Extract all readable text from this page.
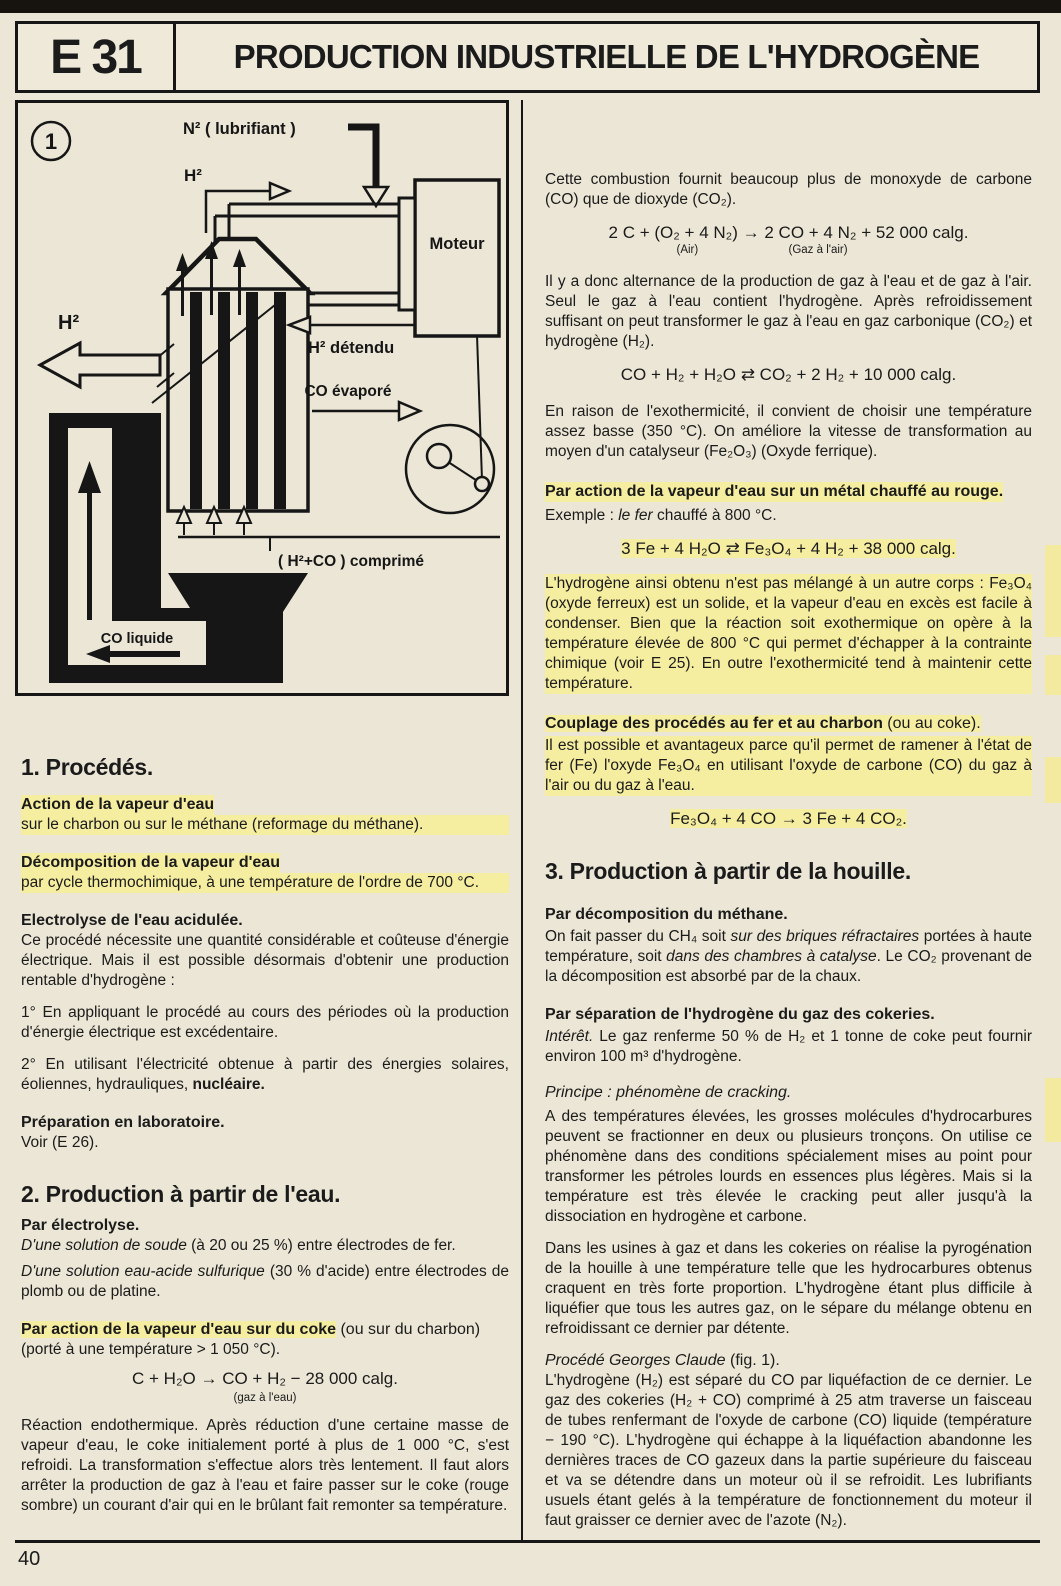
E 31	PRODUCTION INDUSTRIELLE DE L'HYDROGÈNE
1	N² ( lubrifiant )
H²
Moteur
H² détendu
H²
CO évaporé
CO liquide
( H²+CO ) comprimé
1. Procédés.
Action de la vapeur d'eau

sur le charbon ou sur le méthane (reformage du méthane).

Décomposition de la vapeur d'eau

par cycle thermochimique, à une température de l'ordre de 700 °C.

Electrolyse de l'eau acidulée.

Ce procédé nécessite une quantité considérable et coûteuse d'énergie électrique. Mais il est possible désormais d'obtenir une production rentable d'hydrogène :

1° En appliquant le procédé au cours des périodes où la production d'énergie électrique est excédentaire.

2° En utilisant l'électricité obtenue à partir des énergies solaires, éoliennes, hydrauliques, nucléaire.

Préparation en laboratoire.

Voir (E 26).

2. Production à partir de l'eau.
Par électrolyse.

D'une solution de soude (à 20 ou 25 %) entre électrodes de fer.

D'une solution eau-acide sulfurique (30 % d'acide) entre électrodes de plomb ou de platine.

Par action de la vapeur d'eau sur du coke (ou sur du charbon)

(porté à une température > 1 050 °C).

C + H₂O → CO + H₂ − 28 000 calg.
(gaz à l'eau)

Réaction endothermique. Après réduction d'une certaine masse de vapeur d'eau, le coke initialement porté à plus de 1 000 °C, s'est refroidi. La transformation s'effectue alors très lentement. Il faut alors arrêter la production de gaz à l'eau et faire passer sur le coke (rouge sombre) un courant d'air qui en le brûlant fait remonter sa température.

Cette combustion fournit beaucoup plus de monoxyde de carbone (CO) que de dioxyde (CO₂).

2 C + (O₂ + 4 N₂) → 2 CO + 4 N₂ + 52 000 calg.
(Air)	(Gaz à l'air)

Il y a donc alternance de la production de gaz à l'eau et de gaz à l'air. Seul le gaz à l'eau contient l'hydrogène. Après refroidissement suffisant on peut transformer le gaz à l'eau en gaz carbonique (CO₂) et hydrogène (H₂).

CO + H₂ + H₂O ⇄ CO₂ + 2 H₂ + 10 000 calg.

En raison de l'exothermicité, il convient de choisir une température assez basse (350 °C). On améliore la vitesse de transformation au moyen d'un catalyseur (Fe₂O₃) (Oxyde ferrique).

Par action de la vapeur d'eau sur un métal chauffé au rouge.

Exemple : le fer chauffé à 800 °C.

3 Fe + 4 H₂O ⇄ Fe₃O₄ + 4 H₂ + 38 000 calg.

L'hydrogène ainsi obtenu n'est pas mélangé à un autre corps : Fe₃O₄ (oxyde ferreux) est un solide, et la vapeur d'eau en excès est facile à condenser. Bien que la réaction soit exothermique on opère à la température élevée de 800 °C qui permet d'échapper à la contrainte chimique (voir E 25). En outre l'exothermicité tend à maintenir cette température.

Couplage des procédés au fer et au charbon (ou au coke).

Il est possible et avantageux parce qu'il permet de ramener à l'état de fer (Fe) l'oxyde Fe₃O₄ en utilisant l'oxyde de carbone (CO) du gaz à l'air ou du gaz à l'eau.

Fe₃O₄ + 4 CO → 3 Fe + 4 CO₂.
3. Production à partir de la houille.
Par décomposition du méthane.

On fait passer du CH₄ soit sur des briques réfractaires portées à haute température, soit dans des chambres à catalyse. Le CO₂ provenant de la décomposition est absorbé par de la chaux.

Par séparation de l'hydrogène du gaz des cokeries.

Intérêt. Le gaz renferme 50 % de H₂ et 1 tonne de coke peut fournir environ 100 m³ d'hydrogène.

Principe : phénomène de cracking.

A des températures élevées, les grosses molécules d'hydrocarbures peuvent se fractionner en deux ou plusieurs tronçons. On utilise ce phénomène dans des conditions spécialement mises au point pour transformer les pétroles lourds en essences plus légères. Mais si la température est très élevée le cracking peut aller jusqu'à la dissociation en hydrogène et carbone.

Dans les usines à gaz et dans les cokeries on réalise la pyrogénation de la houille à une température telle que les hydrocarbures obtenus craquent en très forte proportion. L'hydrogène étant plus difficile à liquéfier que tous les autres gaz, on le sépare du mélange obtenu en refroidissant ce dernier par détente.

Procédé Georges Claude (fig. 1).

L'hydrogène (H₂) est séparé du CO par liquéfaction de ce dernier. Le gaz des cokeries (H₂ + CO) comprimé à 25 atm traverse un faisceau de tubes renfermant de l'oxyde de carbone (CO) liquide (température − 190 °C). L'hydrogène qui échappe à la liquéfaction abandonne les dernières traces de CO gazeux dans la partie supérieure du faisceau et va se détendre dans un moteur où il se refroidit. Les lubrifiants usuels étant gelés à la température de fonctionnement du moteur il faut graisser ce dernier avec de l'azote (N₂).

40
